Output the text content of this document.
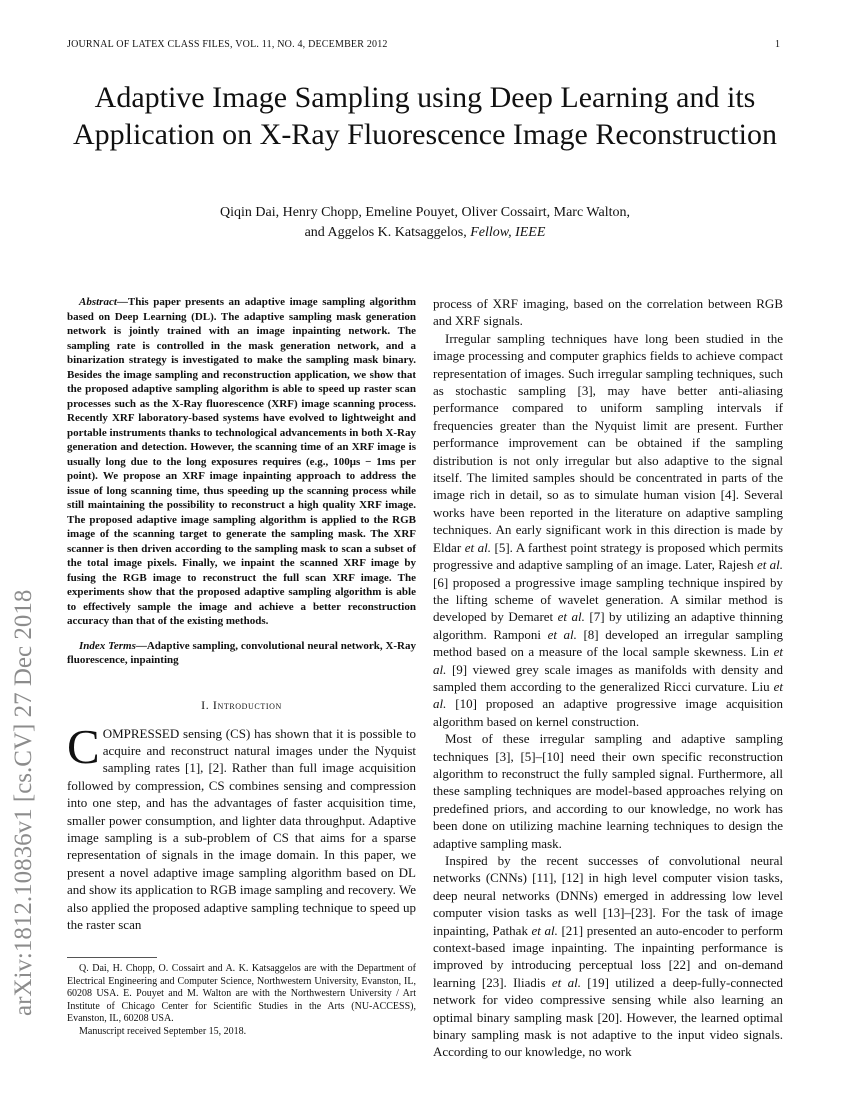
JOURNAL OF LATEX CLASS FILES, VOL. 11, NO. 4, DECEMBER 2012	1
arXiv:1812.10836v1 [cs.CV] 27 Dec 2018
Adaptive Image Sampling using Deep Learning and its Application on X-Ray Fluorescence Image Reconstruction
Qiqin Dai, Henry Chopp, Emeline Pouyet, Oliver Cossairt, Marc Walton,
and Aggelos K. Katsaggelos, Fellow, IEEE

Abstract—This paper presents an adaptive image sampling algorithm based on Deep Learning (DL). The adaptive sampling mask generation network is jointly trained with an image inpainting network. The sampling rate is controlled in the mask generation network, and a binarization strategy is investigated to make the sampling mask binary. Besides the image sampling and reconstruction application, we show that the proposed adaptive sampling algorithm is able to speed up raster scan processes such as the X-Ray fluorescence (XRF) image scanning process. Recently XRF laboratory-based systems have evolved to lightweight and portable instruments thanks to technological advancements in both X-Ray generation and detection. However, the scanning time of an XRF image is usually long due to the long exposures requires (e.g., 100μs − 1ms per point). We propose an XRF image inpainting approach to address the issue of long scanning time, thus speeding up the scanning process while still maintaining the possibility to reconstruct a high quality XRF image. The proposed adaptive image sampling algorithm is applied to the RGB image of the scanning target to generate the sampling mask. The XRF scanner is then driven according to the sampling mask to scan a subset of the total image pixels. Finally, we inpaint the scanned XRF image by fusing the RGB image to reconstruct the full scan XRF image. The experiments show that the proposed adaptive sampling algorithm is able to effectively sample the image and achieve a better reconstruction accuracy than that of the existing methods.

Index Terms—Adaptive sampling, convolutional neural network, X-Ray fluorescence, inpainting

I. Introduction

COMPRESSED sensing (CS) has shown that it is possible to acquire and reconstruct natural images under the Nyquist sampling rates [1], [2]. Rather than full image acquisition followed by compression, CS combines sensing and compression into one step, and has the advantages of faster acquisition time, smaller power consumption, and lighter data throughput. Adaptive image sampling is a sub-problem of CS that aims for a sparse representation of signals in the image domain. In this paper, we present a novel adaptive image sampling algorithm based on DL and show its application to RGB image sampling and recovery. We also applied the proposed adaptive sampling technique to speed up the raster scan

Q. Dai, H. Chopp, O. Cossairt and A. K. Katsaggelos are with the Department of Electrical Engineering and Computer Science, Northwestern University, Evanston, IL, 60208 USA. E. Pouyet and M. Walton are with the Northwestern University / Art Institute of Chicago Center for Scientific Studies in the Arts (NU-ACCESS), Evanston, IL, 60208 USA.

Manuscript received September 15, 2018.

process of XRF imaging, based on the correlation between RGB and XRF signals.

Irregular sampling techniques have long been studied in the image processing and computer graphics fields to achieve compact representation of images. Such irregular sampling techniques, such as stochastic sampling [3], may have better anti-aliasing performance compared to uniform sampling intervals if frequencies greater than the Nyquist limit are present. Further performance improvement can be obtained if the sampling distribution is not only irregular but also adaptive to the signal itself. The limited samples should be concentrated in parts of the image rich in detail, so as to simulate human vision [4]. Several works have been reported in the literature on adaptive sampling techniques. An early significant work in this direction is made by Eldar et al. [5]. A farthest point strategy is proposed which permits progressive and adaptive sampling of an image. Later, Rajesh et al. [6] proposed a progressive image sampling technique inspired by the lifting scheme of wavelet generation. A similar method is developed by Demaret et al. [7] by utilizing an adaptive thinning algorithm. Ramponi et al. [8] developed an irregular sampling method based on a measure of the local sample skewness. Lin et al. [9] viewed grey scale images as manifolds with density and sampled them according to the generalized Ricci curvature. Liu et al. [10] proposed an adaptive progressive image acquisition algorithm based on kernel construction.

Most of these irregular sampling and adaptive sampling techniques [3], [5]–[10] need their own specific reconstruction algorithm to reconstruct the fully sampled signal. Furthermore, all these sampling techniques are model-based approaches relying on predefined priors, and according to our knowledge, no work has been done on utilizing machine learning techniques to design the adaptive sampling mask.

Inspired by the recent successes of convolutional neural networks (CNNs) [11], [12] in high level computer vision tasks, deep neural networks (DNNs) emerged in addressing low level computer vision tasks as well [13]–[23]. For the task of image inpainting, Pathak et al. [21] presented an auto-encoder to perform context-based image inpainting. The inpainting performance is improved by introducing perceptual loss [22] and on-demand learning [23]. Iliadis et al. [19] utilized a deep-fully-connected network for video compressive sensing while also learning an optimal binary sampling mask [20]. However, the learned optimal binary sampling mask is not adaptive to the input video signals. According to our knowledge, no work
